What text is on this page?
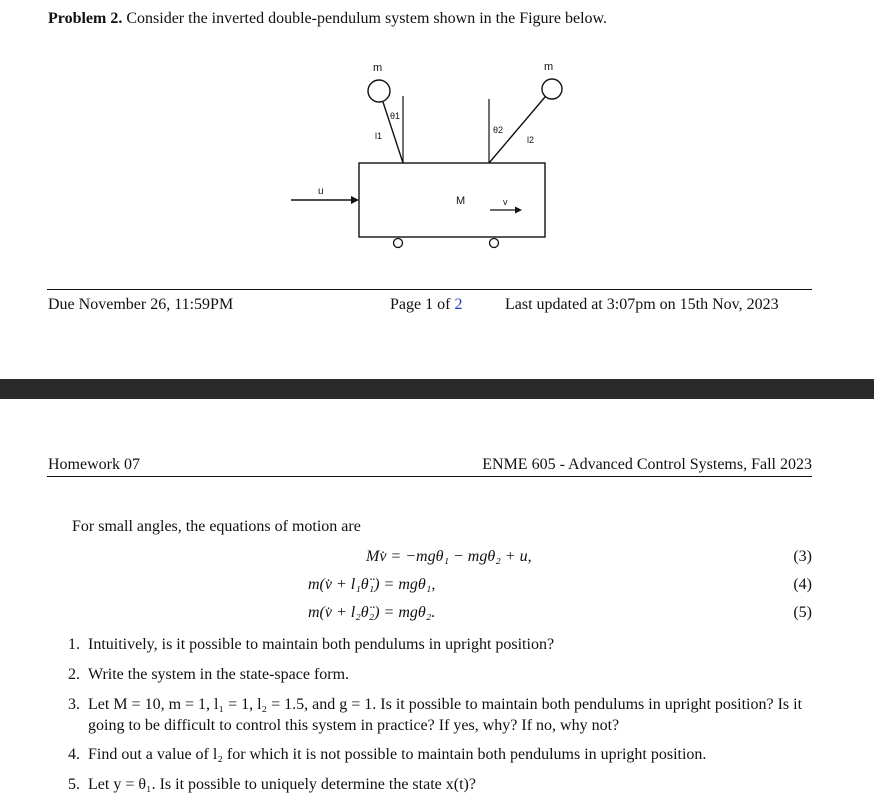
Problem 2. Consider the inverted double-pendulum system shown in the Figure below.
m	m
θ1
l1
θ2
l2
M
u
v
Due November 26, 11:59PM	Page 1 of 2	Last updated at 3:07pm on 15th Nov, 2023
Homework 07	ENME 605 - Advanced Control Systems, Fall 2023
For small angles, the equations of motion are
Mv̇ = −mgθ₁ − mgθ₂ + u,	(3)
m(v̇ + l₁θ̈₁) = mgθ₁,	(4)
m(v̇ + l₂θ̈₂) = mgθ₂.	(5)
1. Intuitively, is it possible to maintain both pendulums in upright position?
2. Write the system in the state-space form.
3. Let M = 10, m = 1, l₁ = 1, l₂ = 1.5, and g = 1. Is it possible to maintain both pendulums in upright position? Is it going to be difficult to control this system in practice? If yes, why? If no, why not?
4. Find out a value of l₂ for which it is not possible to maintain both pendulums in upright position.
5. Let y = θ₁. Is it possible to uniquely determine the state x(t)?
